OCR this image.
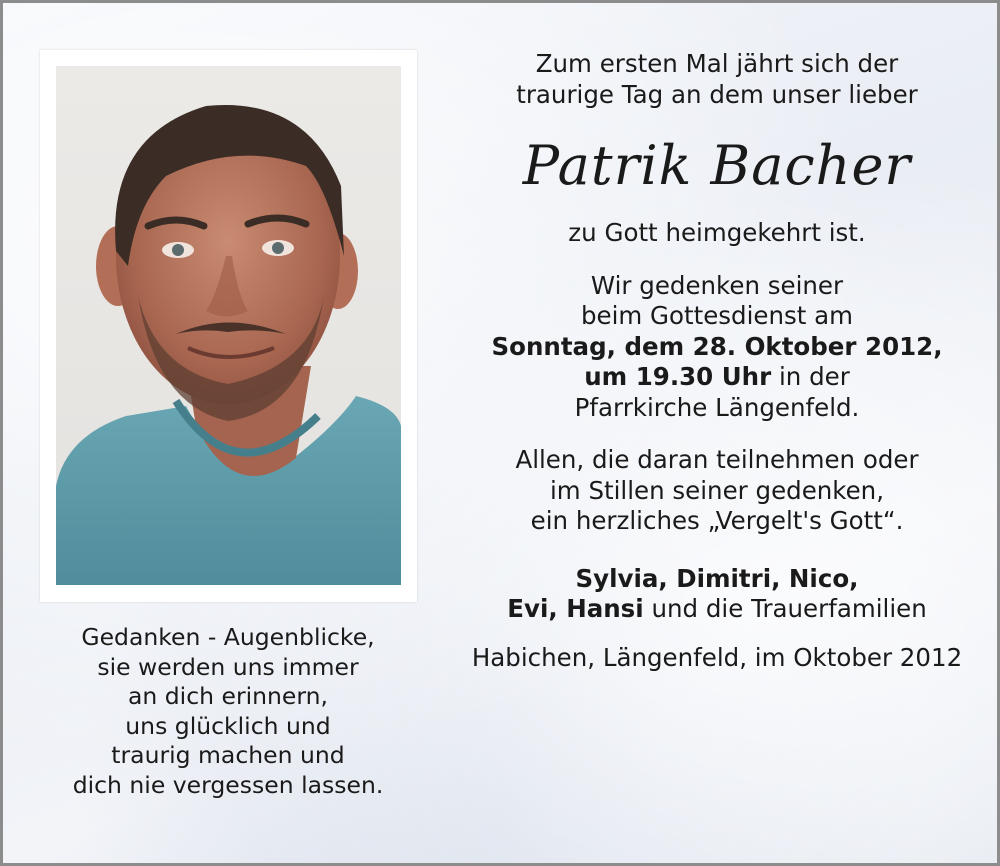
Gedanken - Augenblicke,
sie werden uns immer
an dich erinnern,
uns glücklich und
traurig machen und
dich nie vergessen lassen.
Zum ersten Mal jährt sich der
traurige Tag an dem unser lieber
Patrik Bacher
zu Gott heimgekehrt ist.
Wir gedenken seiner
beim Gottesdienst am
Sonntag, dem 28. Oktober 2012,
um 19.30 Uhr in der
Pfarrkirche Längenfeld.
Allen, die daran teilnehmen oder
im Stillen seiner gedenken,
ein herzliches „Vergelt's Gott“.
Sylvia, Dimitri, Nico,
Evi, Hansi und die Trauerfamilien
Habichen, Längenfeld, im Oktober 2012
